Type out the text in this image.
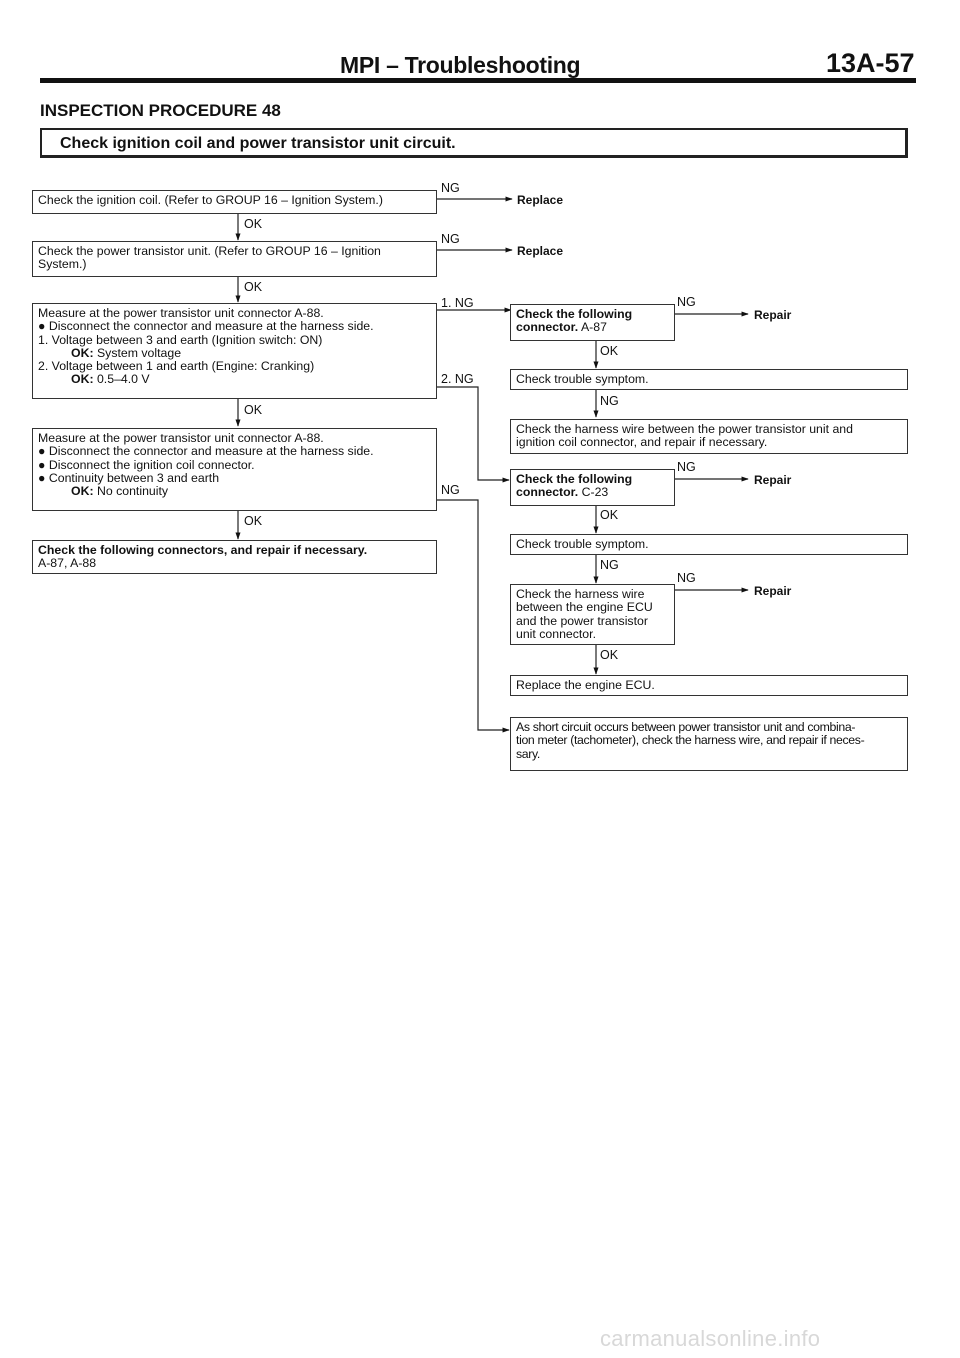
MPI – Troubleshooting	13A-57
INSPECTION PROCEDURE 48
Check ignition coil and power transistor unit circuit.
Check the ignition coil. (Refer to GROUP 16 – Ignition System.)
Check the power transistor unit. (Refer to GROUP 16 – Ignition
System.)
Measure at the power transistor unit connector A-88.
● Disconnect the connector and measure at the harness side.
1. Voltage between 3 and earth (Ignition switch: ON)
OK: System voltage
2. Voltage between 1 and earth (Engine: Cranking)
OK: 0.5–4.0 V
Measure at the power transistor unit connector A-88.
● Disconnect the connector and measure at the harness side.
● Disconnect the ignition coil connector.
● Continuity between 3 and earth
OK: No continuity
Check the following connectors, and repair if necessary.
A-87, A-88
Check the following
connector. A-87
Check trouble symptom.
Check the harness wire between the power transistor unit and
ignition coil connector, and repair if necessary.
Check the following
connector. C-23
Check trouble symptom.
Check the harness wire
between the engine ECU
and the power transistor
unit connector.
Replace the engine ECU.
As short circuit occurs between power transistor unit and combina-
tion meter (tachometer), check the harness wire, and repair if neces-
sary.
NG
NG
OK
OK
1. NG
2. NG
OK
NG
OK
NG
OK
NG
NG
OK
NG
NG
OK
Replace
Replace
Repair
Repair
Repair
carmanualsonline.info
